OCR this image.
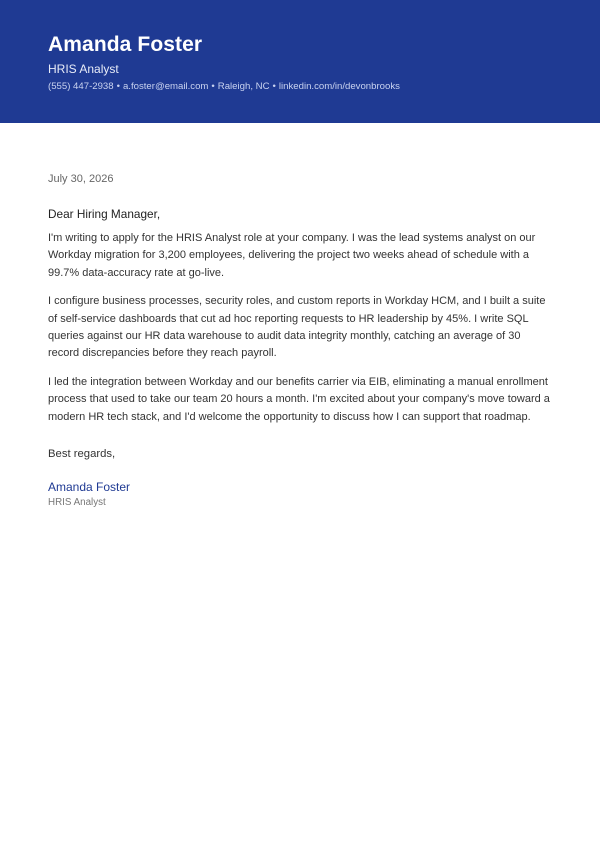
Amanda Foster
HRIS Analyst
(555) 447-2938 • a.foster@email.com • Raleigh, NC • linkedin.com/in/devonbrooks

July 30, 2026

Dear Hiring Manager,

I'm writing to apply for the HRIS Analyst role at your company. I was the lead systems analyst on our Workday migration for 3,200 employees, delivering the project two weeks ahead of schedule with a 99.7% data-accuracy rate at go-live.

I configure business processes, security roles, and custom reports in Workday HCM, and I built a suite of self-service dashboards that cut ad hoc reporting requests to HR leadership by 45%. I write SQL queries against our HR data warehouse to audit data integrity monthly, catching an average of 30 record discrepancies before they reach payroll.

I led the integration between Workday and our benefits carrier via EIB, eliminating a manual enrollment process that used to take our team 20 hours a month. I'm excited about your company's move toward a modern HR tech stack, and I'd welcome the opportunity to discuss how I can support that roadmap.

Best regards,
Amanda Foster
HRIS Analyst
